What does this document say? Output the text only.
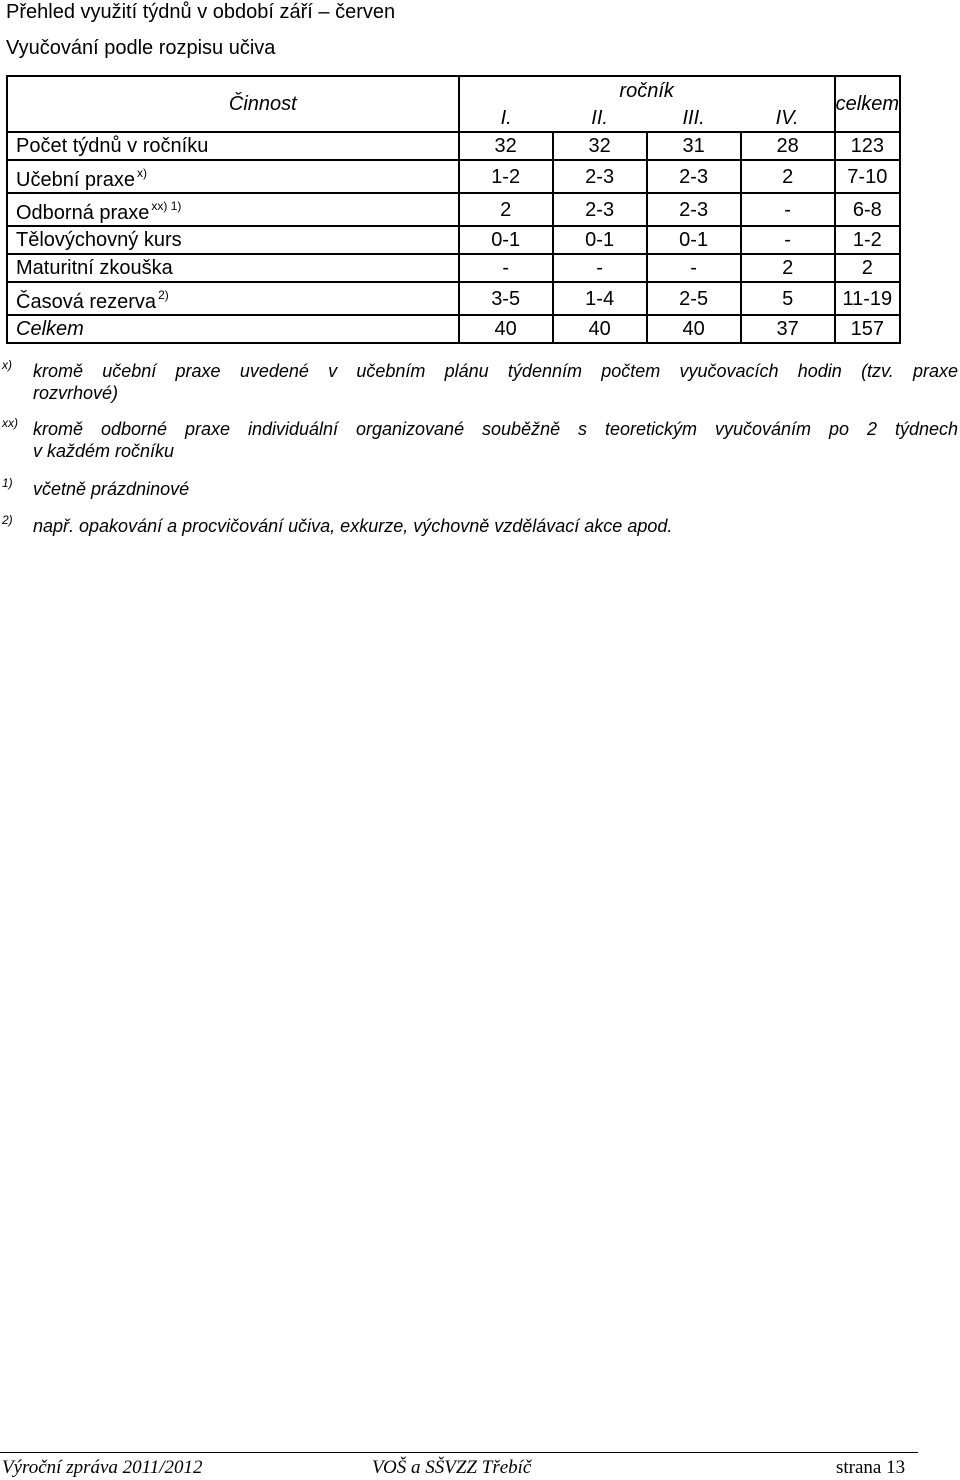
Přehled využití týdnů v období září – červen
Vyučování podle rozpisu učiva
Činnost	ročník				celkem
	I.	II.	III.	IV.	
Počet týdnů v ročníku	32	32	31	28	123
Učební praxe $^{x)}$	1-2	2-3	2-3	2	7-10
Odborná praxe $^{xx) 1)}$	2	2-3	2-3	-	6-8
Tělovýchovný kurs	0-1	0-1	0-1	-	1-2
Maturitní zkouška	-	-	-	2	2
Časová rezerva $^{2)}$	3-5	1-4	2-5	5	11-19
Celkem	40	40	40	37	157
x) kromě učební praxe uvedené v učebním plánu týdenním počtem vyučovacích hodin (tzv. praxe
rozvrhové)
xx) kromě odborné praxe individuální organizované souběžně s teoretickým vyučováním po 2 týdnech
v každém ročníku
1) včetně prázdninové
2) např. opakování a procvičování učiva, exkurze, výchovně vzdělávací akce apod.
Výroční zpráva 2011/2012	VOŠ a SŠVZZ Třebíč	strana 13
